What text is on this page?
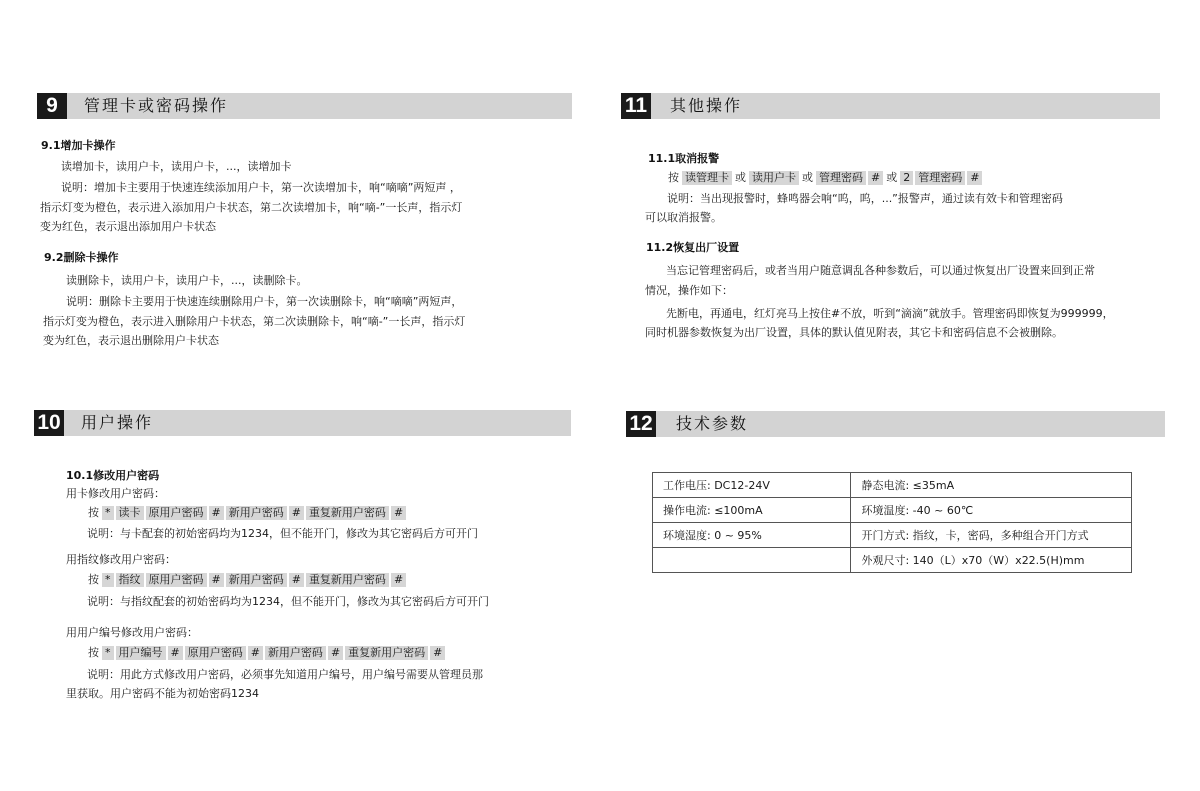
9	管理卡或密码操作
9.1增加卡操作
读增加卡，读用户卡，读用户卡，...，读增加卡
说明：增加卡主要用于快速连续添加用户卡，第一次读增加卡，响“嘀嘀”两短声 ，
指示灯变为橙色，表示进入添加用户卡状态，第二次读增加卡，响“嘀-”一长声，指示灯
变为红色，表示退出添加用户卡状态
9.2删除卡操作
读删除卡，读用户卡，读用户卡，...，读删除卡。
说明：删除卡主要用于快速连续删除用户卡，第一次读删除卡，响“嘀嘀”两短声，
指示灯变为橙色，表示进入删除用户卡状态，第二次读删除卡，响“嘀-”一长声，指示灯
变为红色，表示退出删除用户卡状态
10 用户操作
10.1修改用户密码
用卡修改用户密码：
按 * 读卡 原用户密码 # 新用户密码 # 重复新用户密码 #
说明：与卡配套的初始密码均为1234，但不能开门，修改为其它密码后方可开门
用指纹修改用户密码：
按 * 指纹 原用户密码 # 新用户密码 # 重复新用户密码 #
说明：与指纹配套的初始密码均为1234，但不能开门，修改为其它密码后方可开门
用用户编号修改用户密码：
按 * 用户编号 # 原用户密码 # 新用户密码 # 重复新用户密码 #
说明：用此方式修改用户密码，必须事先知道用户编号，用户编号需要从管理员那
里获取。用户密码不能为初始密码1234
11 其他操作
11.1取消报警
按 读管理卡 或 读用户卡 或 管理密码 # 或 2 管理密码 #
说明：当出现报警时，蜂鸣器会响“呜，呜，...”报警声，通过读有效卡和管理密码
可以取消报警。
11.2恢复出厂设置
当忘记管理密码后，或者当用户随意调乱各种参数后，可以通过恢复出厂设置来回到正常
情况，操作如下：
先断电，再通电，红灯亮马上按住#不放，听到“滴滴”就放手。管理密码即恢复为999999，
同时机器参数恢复为出厂设置，具体的默认值见附表，其它卡和密码信息不会被删除。
12 技术参数
工作电压: DC12-24V	静态电流: ≤35mA
操作电流: ≤100mA	环境温度: -40 ~ 60℃
环境湿度: 0 ~ 95%	开门方式: 指纹，卡，密码，多种组合开门方式
	外观尺寸: 140（L）x70（W）x22.5(H)mm
